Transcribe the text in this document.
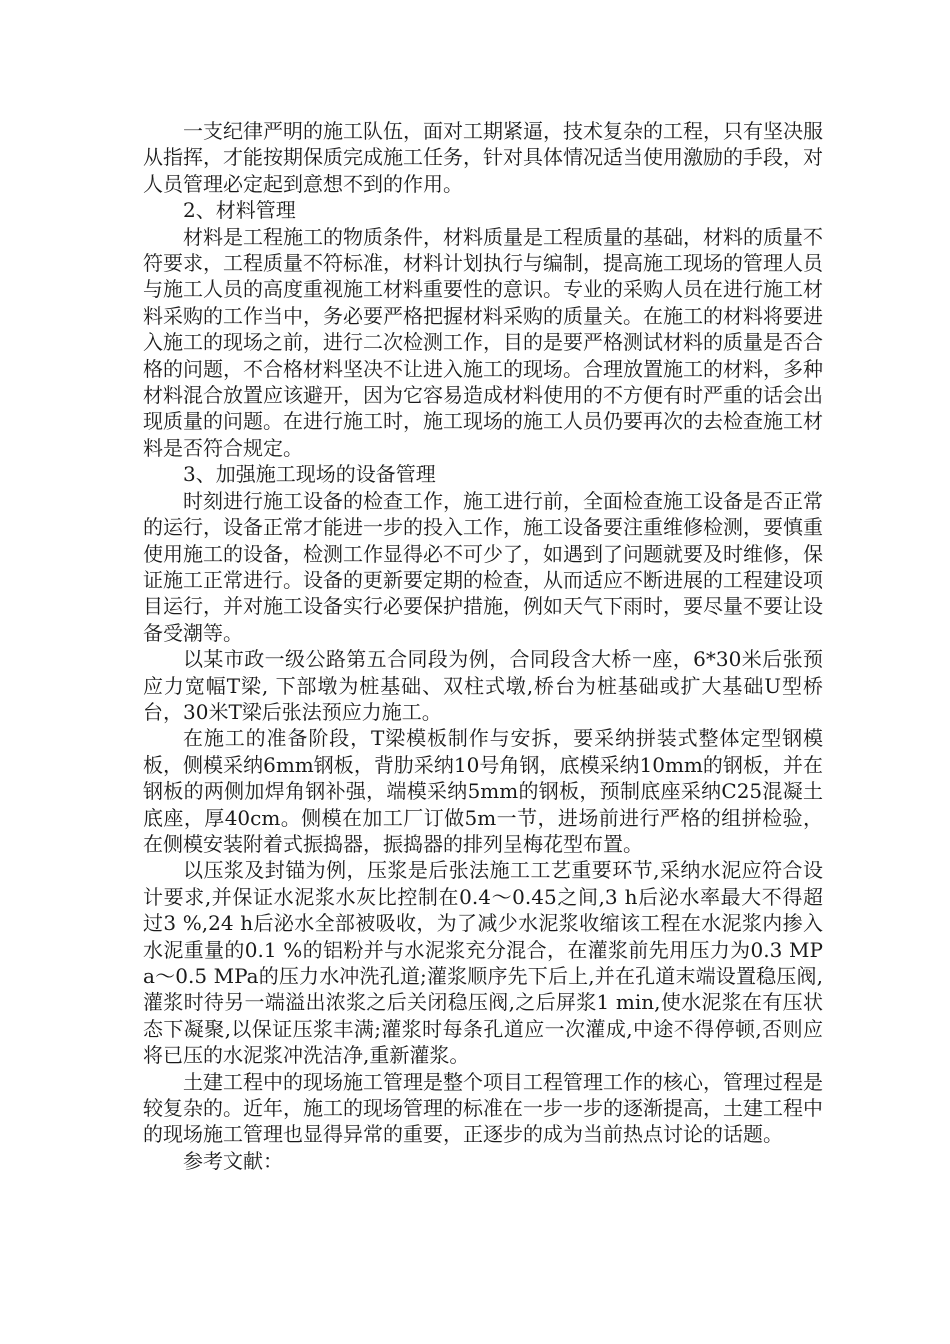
一支纪律严明的施工队伍，面对工期紧逼，技术复杂的工程，只有坚决服从指挥，才能按期保质完成施工任务，针对具体情况适当使用激励的手段，对人员管理必定起到意想不到的作用。

2、材料管理

材料是工程施工的物质条件，材料质量是工程质量的基础，材料的质量不符要求，工程质量不符标准，材料计划执行与编制，提高施工现场的管理人员与施工人员的高度重视施工材料重要性的意识。专业的采购人员在进行施工材料采购的工作当中，务必要严格把握材料采购的质量关。在施工的材料将要进入施工的现场之前，进行二次检测工作，目的是要严格测试材料的质量是否合格的问题，不合格材料坚决不让进入施工的现场。合理放置施工的材料，多种材料混合放置应该避开，因为它容易造成材料使用的不方便有时严重的话会出现质量的问题。在进行施工时，施工现场的施工人员仍要再次的去检查施工材料是否符合规定。

3、加强施工现场的设备管理

时刻进行施工设备的检查工作，施工进行前，全面检查施工设备是否正常的运行，设备正常才能进一步的投入工作，施工设备要注重维修检测，要慎重使用施工的设备，检测工作显得必不可少了，如遇到了问题就要及时维修，保证施工正常进行。设备的更新要定期的检查，从而适应不断进展的工程建设项目运行，并对施工设备实行必要保护措施，例如天气下雨时，要尽量不要让设备受潮等。

以某市政一级公路第五合同段为例，合同段含大桥一座，6*30米后张预应力宽幅T梁, 下部墩为桩基础、双柱式墩,桥台为桩基础或扩大基础U型桥台，30米T梁后张法预应力施工。

在施工的准备阶段，T梁模板制作与安拆，要采纳拼装式整体定型钢模板，侧模采纳6mm钢板，背肋采纳10号角钢，底模采纳10mm的钢板，并在钢板的两侧加焊角钢补强，端模采纳5mm的钢板，预制底座采纳C25混凝土底座，厚40cm。侧模在加工厂订做5m一节，进场前进行严格的组拼检验，在侧模安装附着式振捣器，振捣器的排列呈梅花型布置。

以压浆及封锚为例，压浆是后张法施工工艺重要环节,采纳水泥应符合设计要求,并保证水泥浆水灰比控制在0.4～0.45之间,3 h后泌水率最大不得超过3 %,24 h后泌水全部被吸收，为了减少水泥浆收缩该工程在水泥浆内掺入水泥重量的0.1 %的铝粉并与水泥浆充分混合，在灌浆前先用压力为0.3 MPa～0.5 MPa的压力水冲洗孔道;灌浆顺序先下后上,并在孔道末端设置稳压阀,灌浆时待另一端溢出浓浆之后关闭稳压阀,之后屏浆1 min,使水泥浆在有压状态下凝聚,以保证压浆丰满;灌浆时每条孔道应一次灌成,中途不得停顿,否则应将已压的水泥浆冲洗洁净,重新灌浆。

土建工程中的现场施工管理是整个项目工程管理工作的核心，管理过程是较复杂的。近年，施工的现场管理的标准在一步一步的逐渐提高，土建工程中的现场施工管理也显得异常的重要，正逐步的成为当前热点讨论的话题。

参考文献：
